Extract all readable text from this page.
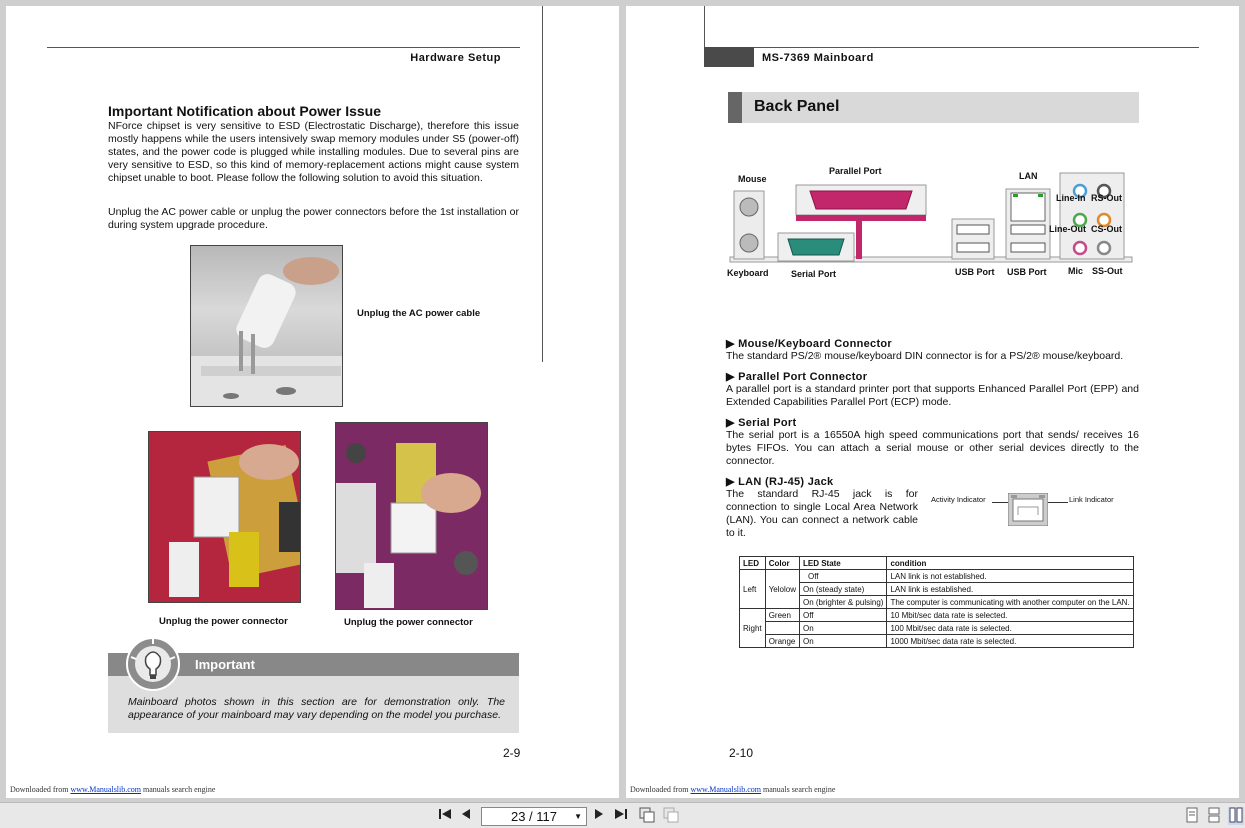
Hardware Setup
Important Notification about Power Issue
NForce chipset is very sensitive to ESD (Electrostatic Discharge), therefore this issue mostly happens while the users intensively swap memory modules under S5 (power-off) states, and the power code is plugged while installing modules. Due to several pins are very sensitive to ESD, so this kind of memory-replacement actions might cause system chipset unable to boot. Please follow the following solution to avoid this situation.
Unplug the AC power cable or unplug the power connectors before the 1st installation or during system upgrade procedure.
Unplug the AC power cable
Unplug the power connector	Unplug the power connector
Important
Mainboard photos shown in this section are for demonstration only. The appearance of your mainboard may vary depending on the model you purchase.
2-9
Downloaded from www.Manualslib.com manuals search engine
MS-7369 Mainboard
Back Panel
Mouse
Parallel Port	LAN
Line-In RS-Out
Line-Out CS-Out
Keyboard Serial Port	USB Port USB Port Mic SS-Out
▶ Mouse/Keyboard Connector
The standard PS/2® mouse/keyboard DIN connector is for a PS/2® mouse/keyboard.
▶ Parallel Port Connector
A parallel port is a standard printer port that supports Enhanced Parallel Port (EPP) and Extended Capabilities Parallel Port (ECP) mode.
▶ Serial Port
The serial port is a 16550A high speed communications port that sends/ receives 16 bytes FIFOs. You can attach a serial mouse or other serial devices directly to the connector.
▶ LAN (RJ-45) Jack
The standard RJ-45 jack is for connection to single Local Area Network (LAN). You can connect a network cable to it.
Activity Indicator	Link Indicator
LED	Color	LED State	condition
Left	Yelolow	Off	LAN link is not established.
		On (steady state)	LAN link is established.
		On (brighter & pulsing)	The computer is communicating with another computer on the LAN.
Right	Green	Off	10 Mbit/sec data rate is selected.
		On	100 Mbit/sec data rate is selected.
	Orange	On	1000 Mbit/sec data rate is selected.
2-10
Downloaded from www.Manualslib.com manuals search engine
23 / 117 ▼
